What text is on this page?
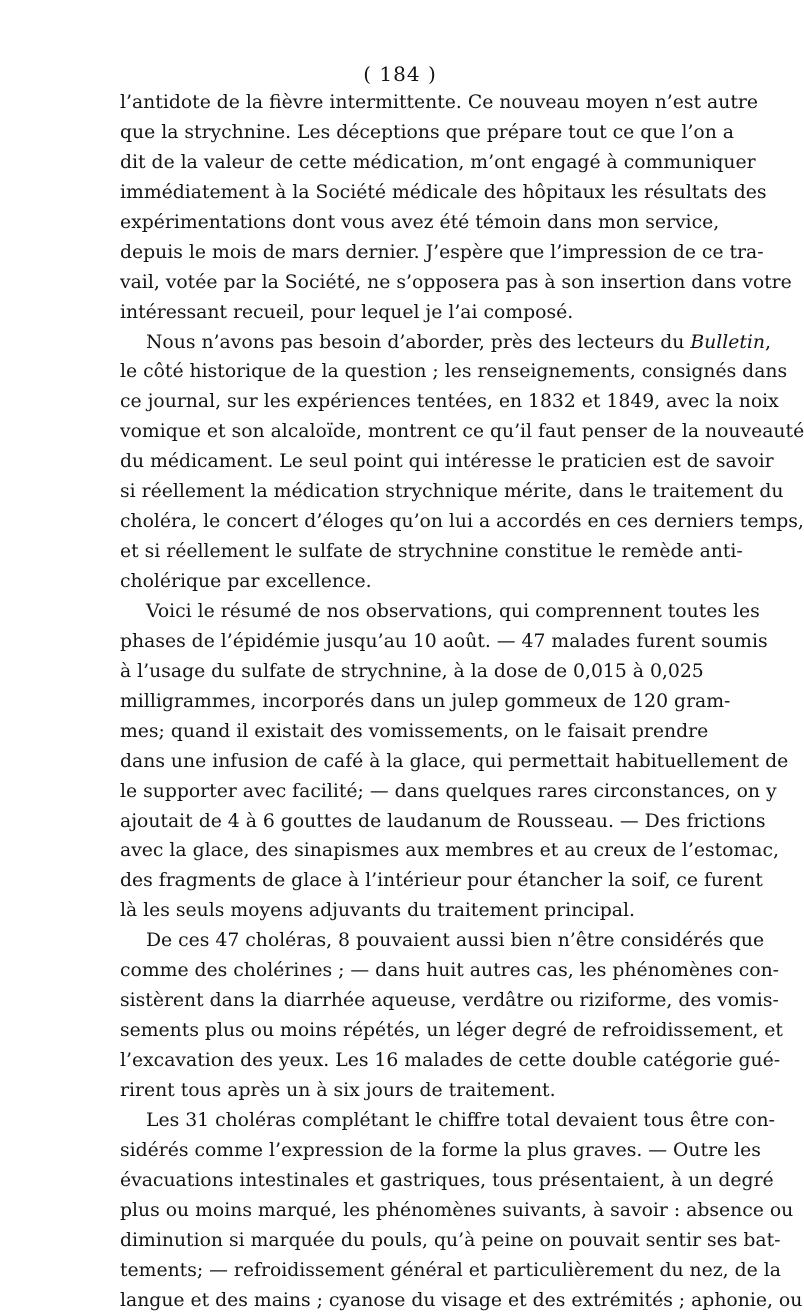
( 184 )
l’antidote de la fièvre intermittente. Ce nouveau moyen n’est autre
que la strychnine. Les déceptions que prépare tout ce que l’on a
dit de la valeur de cette médication, m’ont engagé à communiquer
immédiatement à la Société médicale des hôpitaux les résultats des
expérimentations dont vous avez été témoin dans mon service,
depuis le mois de mars dernier. J’espère que l’impression de ce tra-
vail, votée par la Société, ne s’opposera pas à son insertion dans votre
intéressant recueil, pour lequel je l’ai composé.
Nous n’avons pas besoin d’aborder, près des lecteurs du Bulletin,
le côté historique de la question ; les renseignements, consignés dans
ce journal, sur les expériences tentées, en 1832 et 1849, avec la noix
vomique et son alcaloïde, montrent ce qu’il faut penser de la nouveauté
du médicament. Le seul point qui intéresse le praticien est de savoir
si réellement la médication strychnique mérite, dans le traitement du
choléra, le concert d’éloges qu’on lui a accordés en ces derniers temps,
et si réellement le sulfate de strychnine constitue le remède anti-
cholérique par excellence.
Voici le résumé de nos observations, qui comprennent toutes les
phases de l’épidémie jusqu’au 10 août. — 47 malades furent soumis
à l’usage du sulfate de strychnine, à la dose de 0,015 à 0,025
milligrammes, incorporés dans un julep gommeux de 120 gram-
mes; quand il existait des vomissements, on le faisait prendre
dans une infusion de café à la glace, qui permettait habituellement de
le supporter avec facilité; — dans quelques rares circonstances, on y
ajoutait de 4 à 6 gouttes de laudanum de Rousseau. — Des frictions
avec la glace, des sinapismes aux membres et au creux de l’estomac,
des fragments de glace à l’intérieur pour étancher la soif, ce furent
là les seuls moyens adjuvants du traitement principal.
De ces 47 choléras, 8 pouvaient aussi bien n’être considérés que
comme des cholérines ; — dans huit autres cas, les phénomènes con-
sistèrent dans la diarrhée aqueuse, verdâtre ou riziforme, des vomis-
sements plus ou moins répétés, un léger degré de refroidissement, et
l’excavation des yeux. Les 16 malades de cette double catégorie gué-
rirent tous après un à six jours de traitement.
Les 31 choléras complétant le chiffre total devaient tous être con-
sidérés comme l’expression de la forme la plus graves. — Outre les
évacuations intestinales et gastriques, tous présentaient, à un degré
plus ou moins marqué, les phénomènes suivants, à savoir : absence ou
diminution si marquée du pouls, qu’à peine on pouvait sentir ses bat-
tements; — refroidissement général et particulièrement du nez, de la
langue et des mains ; cyanose du visage et des extrémités ; aphonie, ou
